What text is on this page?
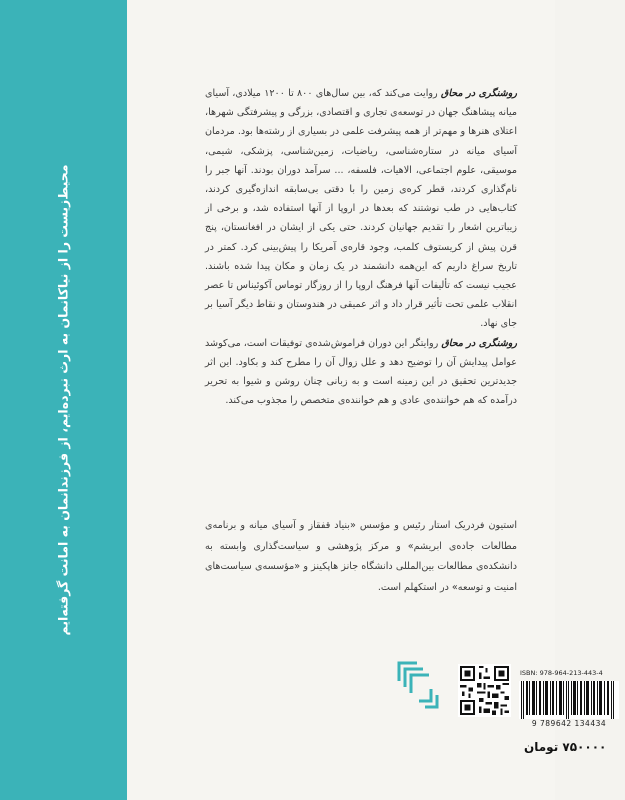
محیط‌زیست را از نیاکانمان به ارث نبرده‌ایم، از فرزندانمان به امانت گرفته‌ایم
روشنگری در محاق روایت می‌کند که، بین سال‌های ۸۰۰ تا ۱۲۰۰ میلادی، آسیای میانه پیشاهنگ جهان در توسعه‌ی تجاری و اقتصادی، بزرگی و پیشرفتگی شهرها، اعتلای هنرها و مهم‌تر از همه پیشرفت علمی در بسیاری از رشته‌ها بود. مردمان آسیای میانه در ستاره‌شناسی، ریاضیات، زمین‌شناسی، پزشکی، شیمی، موسیقی، علوم اجتماعی، الاهیات، فلسفه، ... سرآمد دوران بودند. آنها جبر را نام‌گذاری کردند، قطر کره‌ی زمین را با دقتی بی‌سابقه اندازه‌گیری کردند، کتاب‌هایی در طب نوشتند که بعدها در اروپا از آنها استفاده شد، و برخی از زیباترین اشعار را تقدیم جهانیان کردند. حتی یکی از ایشان در افغانستان، پنج قرن پیش از کریستوف کلمب، وجود قاره‌ی آمریکا را پیش‌بینی کرد. کمتر در تاریخ سراغ داریم که این‌همه دانشمند در یک زمان و مکان پیدا شده باشند. عجیب نیست که تألیفات آنها فرهنگ اروپا را از روزگار توماس آکوئیناس تا عصر انقلاب علمی تحت تأثیر قرار داد و اثر عمیقی در هندوستان و نقاط دیگر آسیا بر جای نهاد.
روشنگری در محاق روایتگر این دوران فراموش‌شده‌ی توفیقات است، می‌کوشد عوامل پیدایش آن را توضیح دهد و علل زوال آن را مطرح کند و بکاود. این اثر جدیدترین تحقیق در این زمینه است و به زبانی چنان روشن و شیوا به تحریر درآمده که هم خواننده‌ی عادی و هم خواننده‌ی متخصص را مجذوب می‌کند.
استیون فردریک استار رئیس و مؤسس «بنیاد قفقاز و آسیای میانه و برنامه‌ی مطالعات جاده‌ی ابریشم» و مرکز پژوهشی و سیاست‌گذاری وابسته به دانشکده‌ی مطالعات بین‌المللی دانشگاه جانز هاپکینز و «مؤسسه‌ی سیاست‌های امنیت و توسعه» در استکهلم است.
ISBN: 978-964-213-443-4
9 789642 134434
۷۵۰۰۰۰ تومان
